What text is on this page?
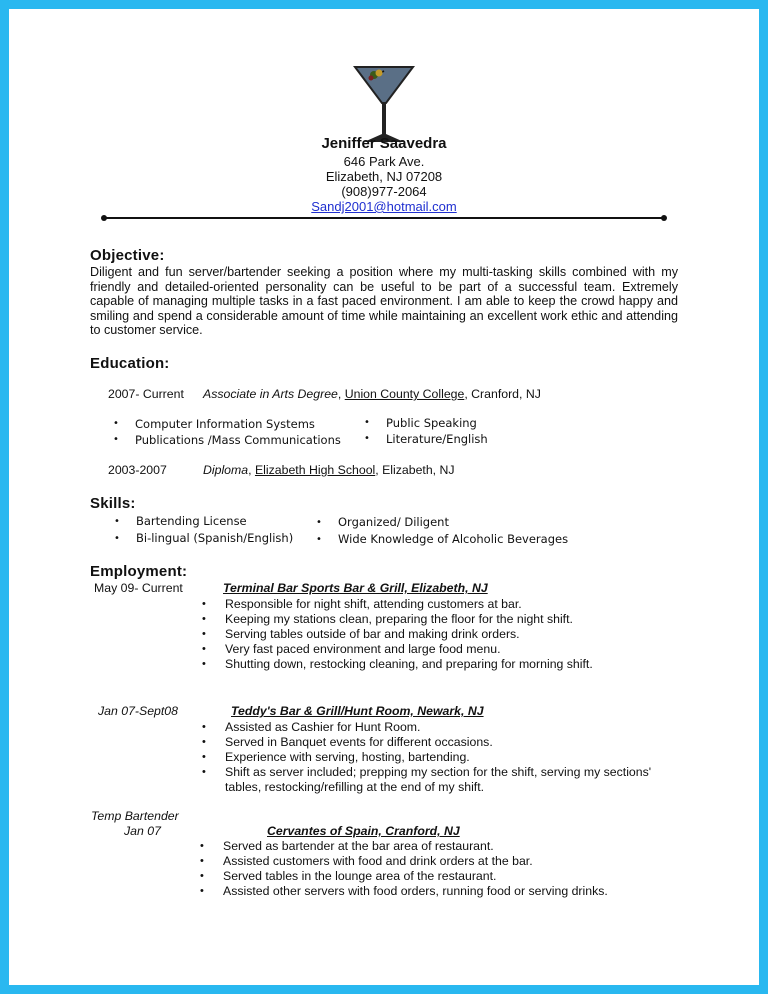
Jeniffer Saavedra
646 Park Ave.
Elizabeth, NJ 07208
(908)977-2064
Sandj2001@hotmail.com
Objective:
Diligent and fun server/bartender seeking a position where my multi-tasking skills combined with my
friendly and detailed-oriented personality can be useful to be part of a successful team. Extremely
capable of managing multiple tasks in a fast paced environment. I am able to keep the crowd happy and
smiling and spend a considerable amount of time while maintaining an excellent work ethic and attending
to customer service.
Education:
2007- Current Associate in Arts Degree, Union County College, Cranford, NJ
• Computer Information Systems
• Publications /Mass Communications
• Public Speaking
• Literature/English
2003-2007	Diploma, Elizabeth High School, Elizabeth, NJ
Skills:
• Bartending License
• Bi-lingual (Spanish/English)
• Organized/ Diligent
• Wide Knowledge of Alcoholic Beverages
Employment:
May 09- Current	Terminal Bar Sports Bar & Grill, Elizabeth, NJ
• Responsible for night shift, attending customers at bar.
• Keeping my stations clean, preparing the floor for the night shift.
• Serving tables outside of bar and making drink orders.
• Very fast paced environment and large food menu.
• Shutting down, restocking cleaning, and preparing for morning shift.
Jan 07-Sept08	Teddy's Bar & Grill/Hunt Room, Newark, NJ
• Assisted as Cashier for Hunt Room.
• Served in Banquet events for different occasions.
• Experience with serving, hosting, bartending.
• Shift as server included; prepping my section for the shift, serving my sections'
tables, restocking/refilling at the end of my shift.
Temp Bartender
Jan 07	Cervantes of Spain, Cranford, NJ
• Served as bartender at the bar area of restaurant.
• Assisted customers with food and drink orders at the bar.
• Served tables in the lounge area of the restaurant.
• Assisted other servers with food orders, running food or serving drinks.
